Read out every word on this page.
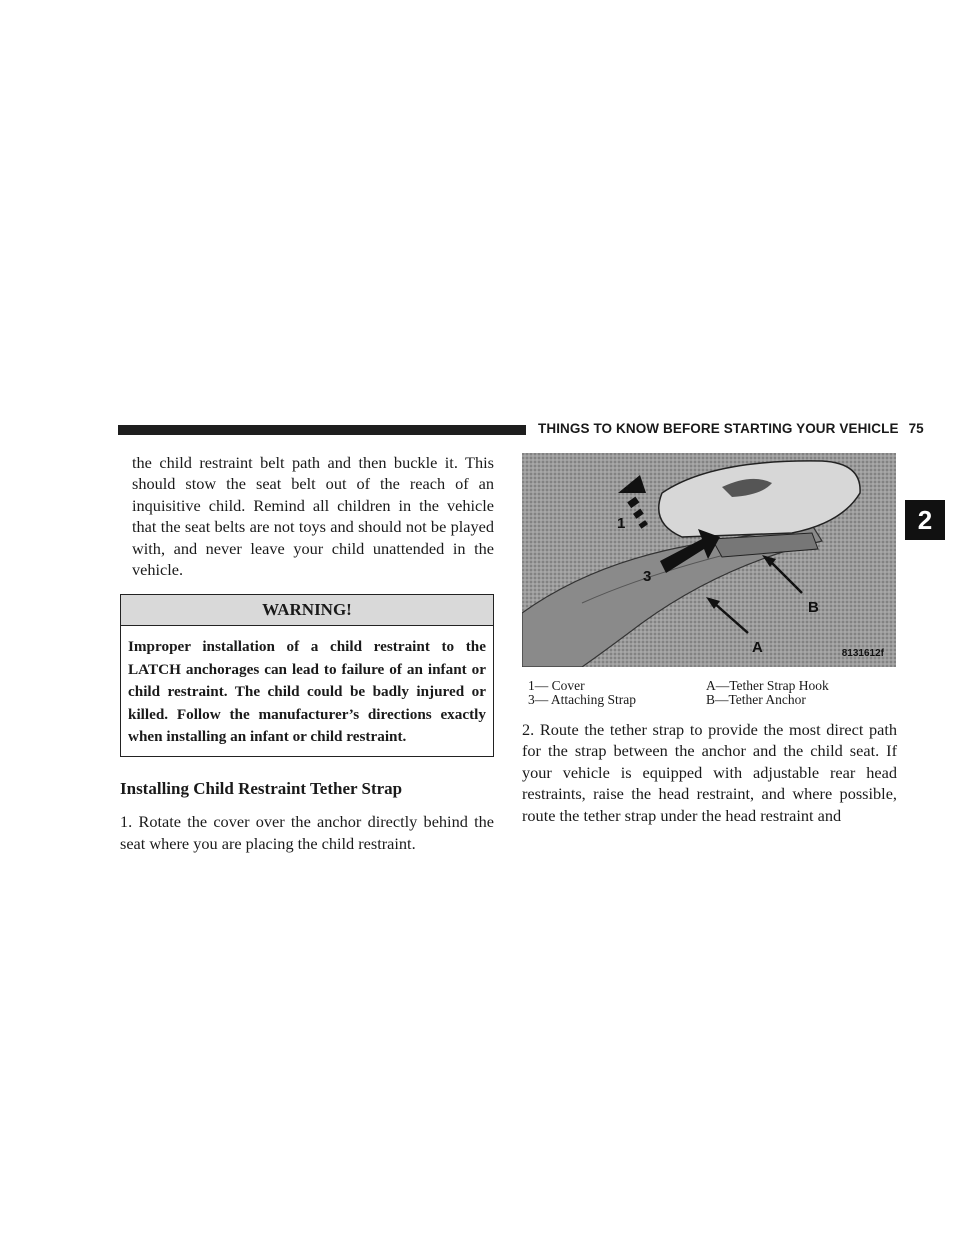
THINGS TO KNOW BEFORE STARTING YOUR VEHICLE 75
2

the child restraint belt path and then buckle it. This should stow the seat belt out of the reach of an inquisitive child. Remind all children in the vehicle that the seat belts are not toys and should not be played with, and never leave your child unattended in the vehicle.

WARNING!
Improper installation of a child restraint to the LATCH anchorages can lead to failure of an infant or child restraint. The child could be badly injured or killed. Follow the manufacturer’s directions exactly when installing an infant or child restraint.
Installing Child Restraint Tether Strap

1. Rotate the cover over the anchor directly behind the seat where you are placing the child restraint.

1
3
B
A	8131612f
1— Cover	A—Tether Strap Hook
3— Attaching Strap	B—Tether Anchor

2. Route the tether strap to provide the most direct path for the strap between the anchor and the child seat. If your vehicle is equipped with adjustable rear head restraints, raise the head restraint, and where possible, route the tether strap under the head restraint and
